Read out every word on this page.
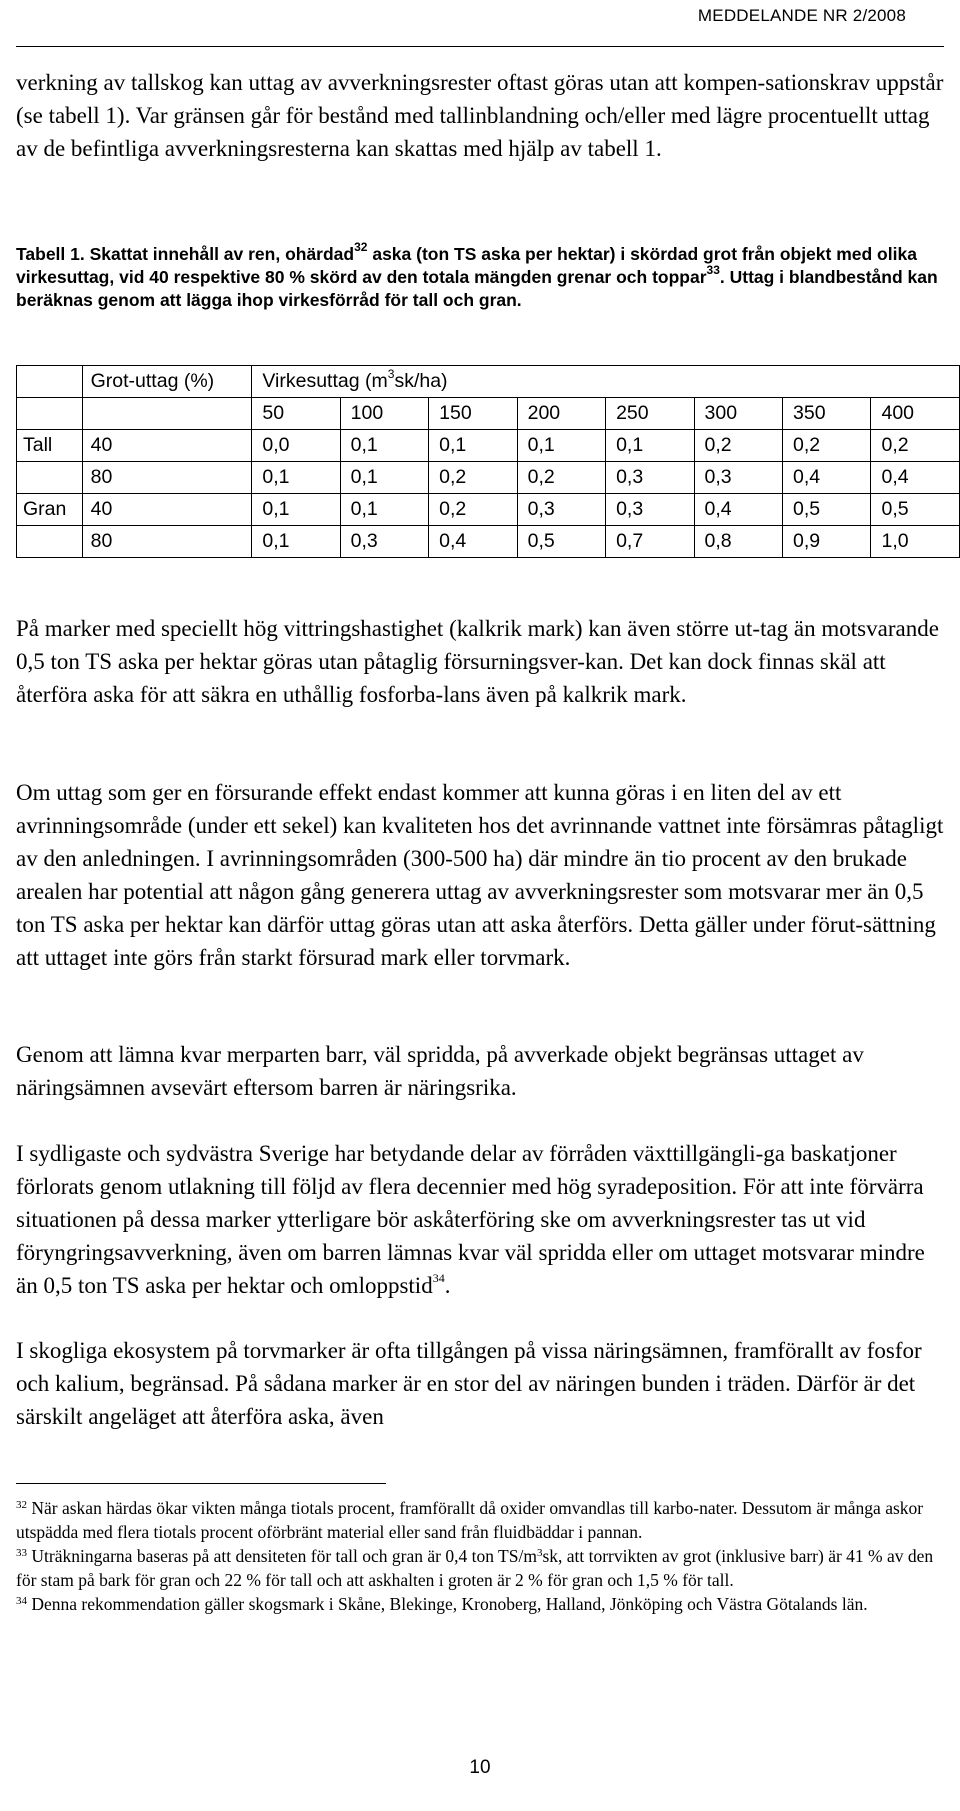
MEDDELANDE NR 2/2008

verkning av tallskog kan uttag av avverkningsrester oftast göras utan att kompen-sationskrav uppstår (se tabell 1). Var gränsen går för bestånd med tallinblandning och/eller med lägre procentuellt uttag av de befintliga avverkningsresterna kan skattas med hjälp av tabell 1.

Tabell 1. Skattat innehåll av ren, ohärdad$^{32}$ aska (ton TS aska per hektar) i skördad grot från objekt med olika virkesuttag, vid 40 respektive 80 % skörd av den totala mängden grenar och toppar$^{33}$. Uttag i blandbestånd kan beräknas genom att lägga ihop virkesförråd för tall och gran.

	Grot-uttag (%)	Virkesuttag $(m^3sk/ha)$							
		50	100	150	200	250	300	350	400
Tall	40	0,0	0,1	0,1	0,1	0,1	0,2	0,2	0,2
	80	0,1	0,1	0,2	0,2	0,3	0,3	0,4	0,4
Gran	40	0,1	0,1	0,2	0,3	0,3	0,4	0,5	0,5
	80	0,1	0,3	0,4	0,5	0,7	0,8	0,9	1,0

På marker med speciellt hög vittringshastighet (kalkrik mark) kan även större ut-tag än motsvarande 0,5 ton TS aska per hektar göras utan påtaglig försurningsver-kan. Det kan dock finnas skäl att återföra aska för att säkra en uthållig fosforba-lans även på kalkrik mark.

Om uttag som ger en försurande effekt endast kommer att kunna göras i en liten del av ett avrinningsområde (under ett sekel) kan kvaliteten hos det avrinnande vattnet inte försämras påtagligt av den anledningen. I avrinningsområden (300-500 ha) där mindre än tio procent av den brukade arealen har potential att någon gång generera uttag av avverkningsrester som motsvarar mer än 0,5 ton TS aska per hektar kan därför uttag göras utan att aska återförs. Detta gäller under förut-sättning att uttaget inte görs från starkt försurad mark eller torvmark.

Genom att lämna kvar merparten barr, väl spridda, på avverkade objekt begränsas uttaget av näringsämnen avsevärt eftersom barren är näringsrika.

I sydligaste och sydvästra Sverige har betydande delar av förråden växttillgängli-ga baskatjoner förlorats genom utlakning till följd av flera decennier med hög syradeposition. För att inte förvärra situationen på dessa marker ytterligare bör askåterföring ske om avverkningsrester tas ut vid föryngringsavverkning, även om barren lämnas kvar väl spridda eller om uttaget motsvarar mindre än 0,5 ton TS aska per hektar och omloppstid$^{34}$.

I skogliga ekosystem på torvmarker är ofta tillgången på vissa näringsämnen, framförallt av fosfor och kalium, begränsad. På sådana marker är en stor del av näringen bunden i träden. Därför är det särskilt angeläget att återföra aska, även

10

$^{32}$ När askan härdas ökar vikten många tiotals procent, framförallt då oxider omvandlas till karbo-nater. Dessutom är många askor utspädda med flera tiotals procent oförbränt material eller sand från fluidbäddar i pannan.

$^{33}$ Uträkningarna baseras på att densiteten för tall och gran är 0,4 ton TS/m$^3$sk, att torrvikten av grot (inklusive barr) är 41 % av den för stam på bark för gran och 22 % för tall och att askhalten i groten är 2 % för gran och 1,5 % för tall.

$^{34}$ Denna rekommendation gäller skogsmark i Skåne, Blekinge, Kronoberg, Halland, Jönköping och Västra Götalands län.
